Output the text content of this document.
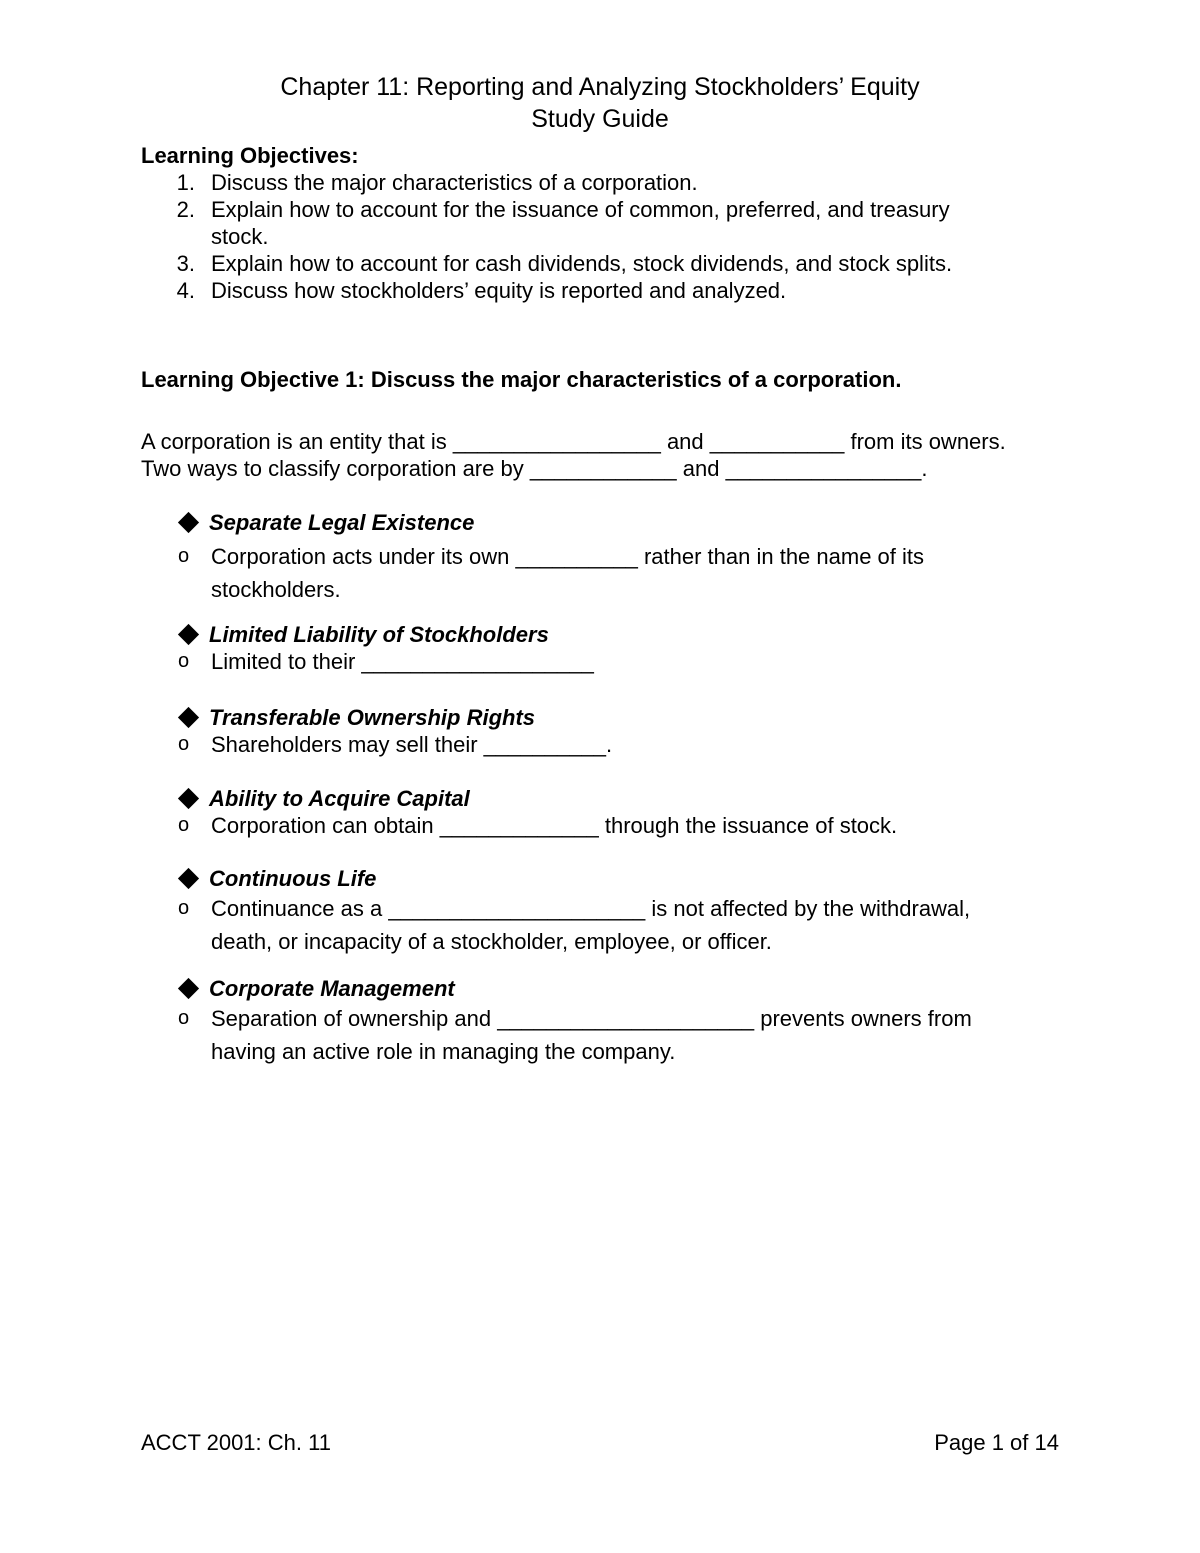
Chapter 11: Reporting and Analyzing Stockholders’ Equity
Study Guide
Learning Objectives:
1. Discuss the major characteristics of a corporation.
2. Explain how to account for the issuance of common, preferred, and treasury stock.
3. Explain how to account for cash dividends, stock dividends, and stock splits.
4. Discuss how stockholders’ equity is reported and analyzed.
Learning Objective 1: Discuss the major characteristics of a corporation.
A corporation is an entity that is _________________ and ___________ from its owners.
Two ways to classify corporation are by ____________ and ________________.
Separate Legal Existence
o Corporation acts under its own __________ rather than in the name of its stockholders.
Limited Liability of Stockholders
o Limited to their ___________________
Transferable Ownership Rights
o Shareholders may sell their __________.
Ability to Acquire Capital
o Corporation can obtain _____________ through the issuance of stock.
Continuous Life
o Continuance as a _____________________ is not affected by the withdrawal, death, or incapacity of a stockholder, employee, or officer.
Corporate Management
o Separation of ownership and _____________________ prevents owners from having an active role in managing the company.
ACCT 2001: Ch. 11	Page 1 of 14
